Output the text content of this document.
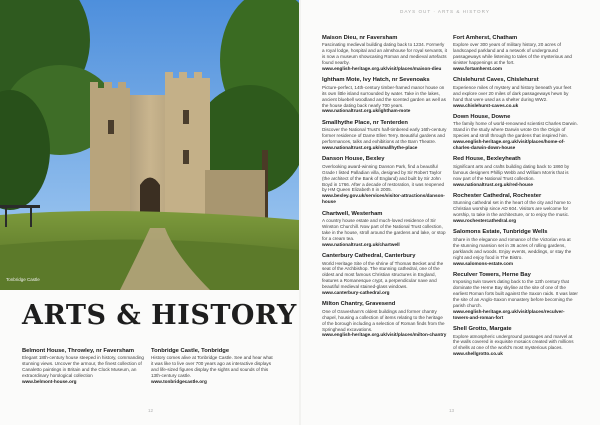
Tonbridge Castle
ARTS & HISTORY
Belmont House, Throwley, nr Faversham

Elegant 18th-century house steeped in history, commanding stunning views. Uncover the armour, the finest collection of Canaletto paintings in Britain and the Clock Museum, an extraordinary horological collection

www.belmont-house.org
Tonbridge Castle, Tonbridge

History comes alive at Tonbridge Castle. See and hear what it was like to live over 700 years ago as interactive displays and life-sized figures display the sights and sounds of this 13th-century castle.

www.tonbridgecastle.org
12
DAYS OUT · ARTS & HISTORY
Maison Dieu, nr Faversham

Fascinating medieval building dating back to 1234. Formerly a royal lodge, hospital and an almshouse for royal servants, it is now a museum showcasing Roman and medieval artefacts found nearby.

www.english-heritage.org.uk/visit/places/maison-dieu
Ightham Mote, Ivy Hatch, nr Sevenoaks

Picture-perfect, 14th-century timber-framed manor house on its own little island surrounded by water. Take in the lakes, ancient bluebell woodland and the scented garden as well as the house dating back nearly 700 years.

www.nationaltrust.org.uk/ightham-mote
Smallhythe Place, nr Tenterden

Discover the National Trust's half-timbered early 16th-century former residence of Dame Ellen Terry. Beautiful gardens and performances, talks and exhibitions at the Barn Theatre.

www.nationaltrust.org.uk/smallhythe-place
Danson House, Bexley

Overlooking award-winning Danson Park, find a beautiful Grade I listed Palladian villa, designed by Sir Robert Taylor (the architect of the Bank of England) and built by Sir John Boyd in 1766. After a decade of restoration, it was reopened by HM Queen Elizabeth II in 2005.

www.bexley.gov.uk/services/visitor-attractions/danson-house
Chartwell, Westerham

A country house estate and much-loved residence of Sir Winston Churchill. Now part of the National Trust collection, take in the house, stroll around the gardens and lake, or stop for a cream tea.

www.nationaltrust.org.uk/chartwell
Canterbury Cathedral, Canterbury

World Heritage Site of the shrine of Thomas Becket and the seat of the Archbishop. The stunning cathedral, one of the oldest and most famous Christian structures in England, features a Romanesque crypt, a perpendicular nave and beautiful medieval stained-glass windows.

www.canterbury-cathedral.org
Milton Chantry, Gravesend

One of Gravesham's oldest buildings and former chantry chapel, housing a collection of items relating to the heritage of the borough including a selection of Roman finds from the Springhead excavations.

www.english-heritage.org.uk/visit/places/milton-chantry
Fort Amherst, Chatham

Explore over 300 years of military history, 20 acres of landscaped parkland and a network of underground passageways while listening to tales of the mysterious and sinister happenings at the fort.

www.fortamherst.com
Chislehurst Caves, Chislehurst

Experience miles of mystery and history beneath your feet and explore over 20 miles of dark passageways hewn by hand that were used as a shelter during WW2.

www.chislehurst-caves.co.uk
Down House, Downe

The family home of world-renowned scientist Charles Darwin. Stand in the study where Darwin wrote On the Origin of Species and stroll through the gardens that inspired him.

www.english-heritage.org.uk/visit/places/home-of-charles-darwin-down-house
Red House, Bexleyheath

Significant arts and crafts building dating back to 1860 by famous designers Phillip Webb and William Morris that is now part of the National Trust collection.

www.nationaltrust.org.uk/red-house
Rochester Cathedral, Rochester

Stunning cathedral set in the heart of the city and home to Christian worship since AD 604. Visitors are welcome for worship, to take in the architecture, or to enjoy the music.

www.rochestercathedral.org
Salomons Estate, Tunbridge Wells

Share in the elegance and romance of the Victorian era at the stunning mansion set in 36 acres of rolling gardens, parklands and woods. Enjoy events, weddings, or stay the night and enjoy food in The Bistro.

www.salomons-estate.com
Reculver Towers, Herne Bay

Imposing twin towers dating back to the 12th century that dominate the Herne Bay skyline at the site of one of the earliest Roman forts built against the Saxon raids. It was later the site of an Anglo-Saxon monastery before becoming the parish church.

www.english-heritage.org.uk/visit/places/reculver-towers-and-roman-fort
Shell Grotto, Margate

Explore atmospheric underground passages and marvel at the walls covered in exquisite mosaics created with millions of shells at one of the world's most mysterious places.

www.shellgrotto.co.uk
13
